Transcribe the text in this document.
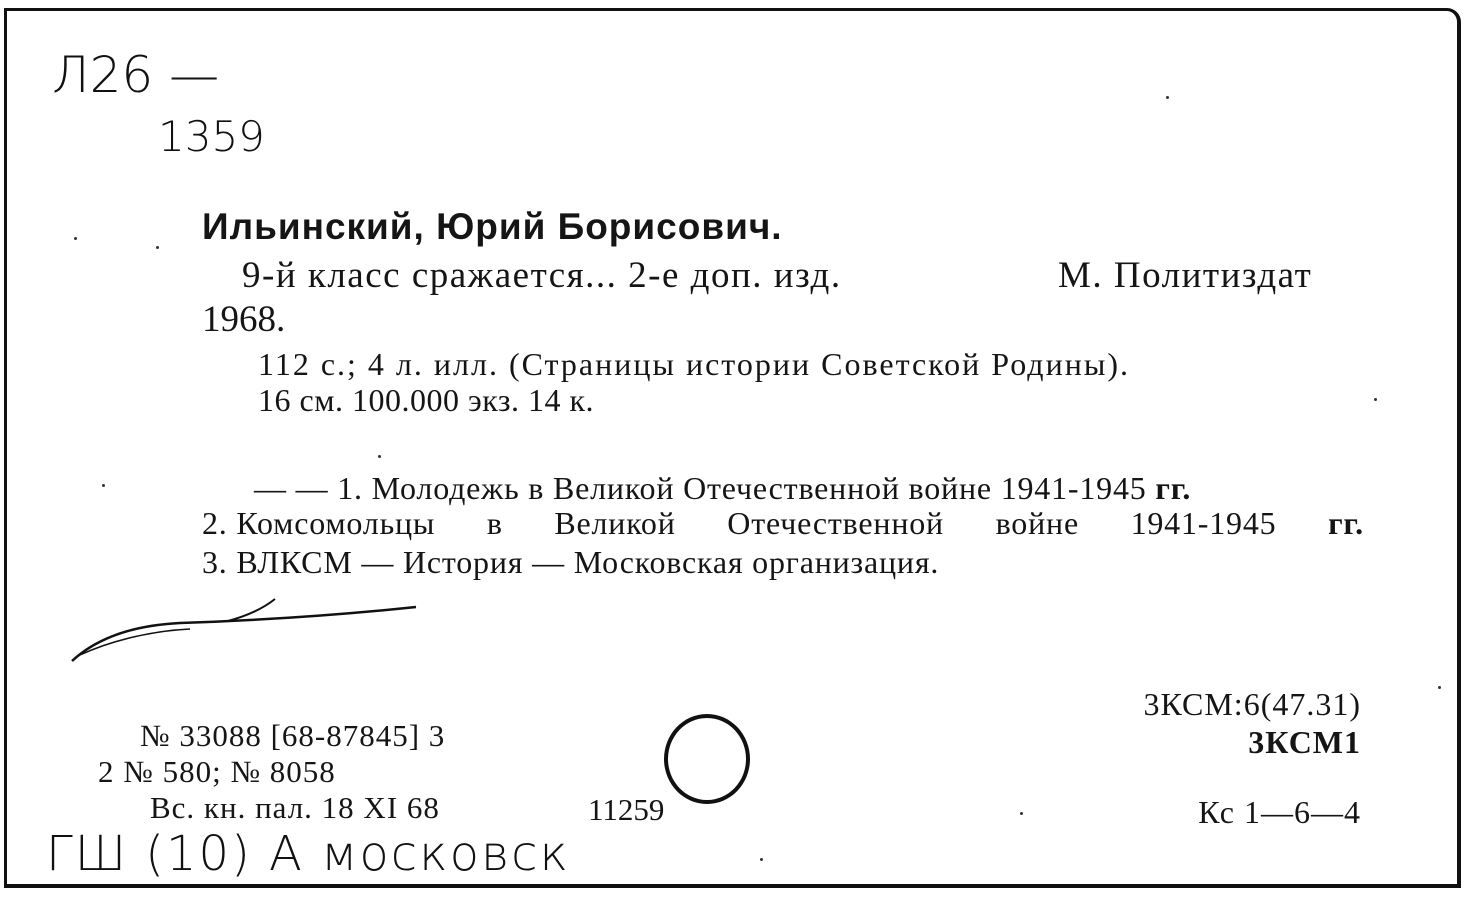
Л26 —
1359
Ильинский, Юрий Борисович.
9-й класс сражается... 2-е доп. изд.	М. Политиздат
1968.
112 с.; 4 л. илл. (Страницы истории Советской Родины).
16 см. 100.000 экз. 14 к.
— — 1. Молодежь в Великой Отечественной войне 1941-1945 гг.
2. Комсомольцы в Великой Отечественной войне 1941-1945 гг.
3. ВЛКСМ — История — Московская организация.
№ 33088 [68-87845] 3
2 № 580; № 8058
Вс. кн. пал. 18 XI 68	11259
3КСМ:6(47.31)
3КСМ1
Кс 1—6—4
ГШ (10) А московск
